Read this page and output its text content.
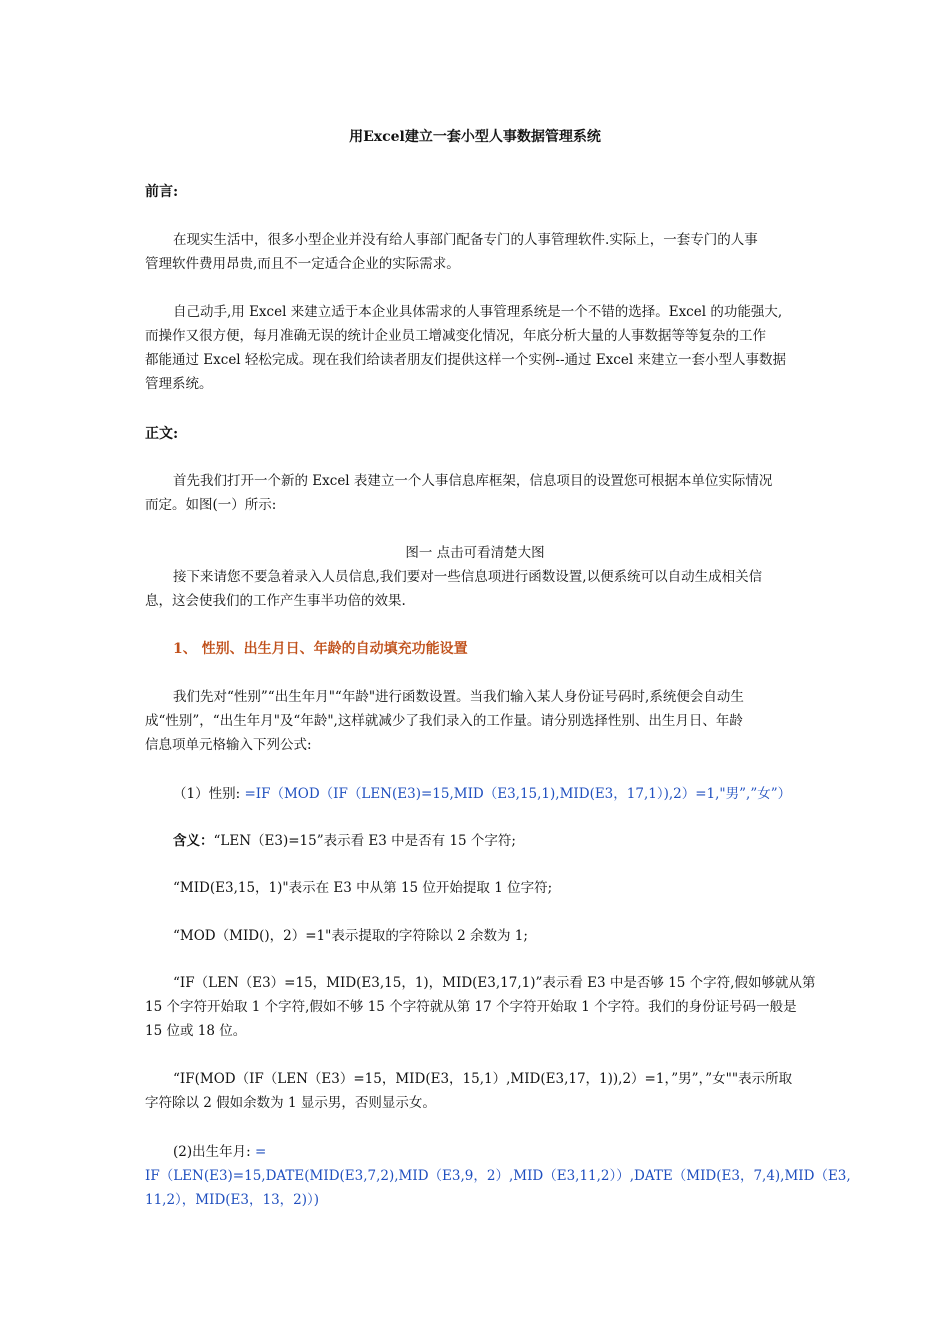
用Excel建立一套小型人事数据管理系统
前言:
在现实生活中，很多小型企业并没有给人事部门配备专门的人事管理软件.实际上，一套专门的人事
管理软件费用昂贵,而且不一定适合企业的实际需求。
自己动手,用 Excel 来建立适于本企业具体需求的人事管理系统是一个不错的选择。Excel 的功能强大,
而操作又很方便，每月准确无误的统计企业员工增减变化情况，年底分析大量的人事数据等等复杂的工作
都能通过 Excel 轻松完成。现在我们给读者朋友们提供这样一个实例--通过 Excel 来建立一套小型人事数据
管理系统。
正文:
首先我们打开一个新的 Excel 表建立一个人事信息库框架，信息项目的设置您可根据本单位实际情况
而定。如图(一）所示:
图一 点击可看清楚大图
接下来请您不要急着录入人员信息,我们要对一些信息项进行函数设置,以便系统可以自动生成相关信
息，这会使我们的工作产生事半功倍的效果.
1、 性别、出生月日、年龄的自动填充功能设置
我们先对“性别”“出生年月"“年龄"进行函数设置。当我们输入某人身份证号码时,系统便会自动生
成“性别”，“出生年月"及“年龄",这样就减少了我们录入的工作量。请分别选择性别、出生月日、年龄
信息项单元格输入下列公式:
（1）性别: =IF（MOD（IF（LEN(E3)=15,MID（E3,15,1),MID(E3，17,1）),2）=1,"男”,”女”）
含义：“LEN（E3)=15”表示看 E3 中是否有 15 个字符;
“MID(E3,15，1)"表示在 E3 中从第 15 位开始提取 1 位字符;
“MOD（MID()，2）=1"表示提取的字符除以 2 余数为 1;
“IF（LEN（E3）=15，MID(E3,15，1)，MID(E3,17,1)”表示看 E3 中是否够 15 个字符,假如够就从第
15 个字符开始取 1 个字符,假如不够 15 个字符就从第 17 个字符开始取 1 个字符。我们的身份证号码一般是
15 位或 18 位。
“IF(MOD（IF（LEN（E3）=15，MID(E3，15,1）,MID(E3,17，1)),2）=1，”男”，”女""表示所取
字符除以 2 假如余数为 1 显示男，否则显示女。
(2)出生年月: =
IF（LEN(E3)=15,DATE(MID(E3,7,2),MID（E3,9，2）,MID（E3,11,2））,DATE（MID(E3，7,4),MID（E3,
11,2），MID(E3，13，2)）)
